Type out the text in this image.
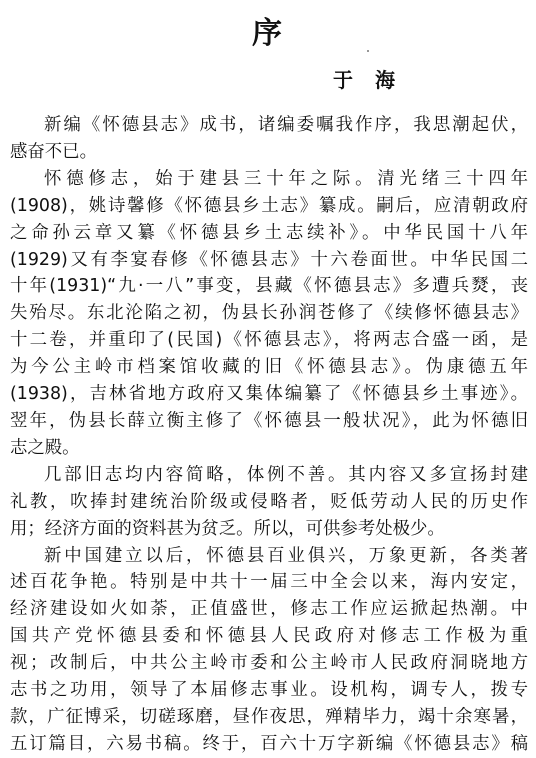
序
于 海
新编《怀德县志》成书，诸编委嘱我作序，我思潮起伏，
感奋不已。
怀德修志，始于建县三十年之际。清光绪三十四年
(1908)，姚诗馨修《怀德县乡土志》纂成。嗣后，应清朝政府
之命孙云章又纂《怀德县乡土志续补》。中华民国十八年
(1929)又有李宴春修《怀德县志》十六卷面世。中华民国二
十年(1931)“九·一八”事变，县藏《怀德县志》多遭兵燹，丧
失殆尽。东北沦陷之初，伪县长孙润苍修了《续修怀德县志》
十二卷，并重印了(民国)《怀德县志》，将两志合盛一函，是
为今公主岭市档案馆收藏的旧《怀德县志》。伪康德五年
(1938)，吉林省地方政府又集体编纂了《怀德县乡土事迹》。
翌年，伪县长薛立衡主修了《怀德县一般状况》，此为怀德旧
志之殿。
几部旧志均内容简略，体例不善。其内容又多宣扬封建
礼教，吹捧封建统治阶级或侵略者，贬低劳动人民的历史作
用；经济方面的资料甚为贫乏。所以，可供参考处极少。
新中国建立以后，怀德县百业俱兴，万象更新，各类著
述百花争艳。特别是中共十一届三中全会以来，海内安定，
经济建设如火如荼，正值盛世，修志工作应运掀起热潮。中
国共产党怀德县委和怀德县人民政府对修志工作极为重
视；改制后，中共公主岭市委和公主岭市人民政府洞晓地方
志书之功用，领导了本届修志事业。设机构，调专人，拨专
款，广征博采，切磋琢磨，昼作夜思，殚精毕力，竭十余寒暑，
五订篇目，六易书稿。终于，百六十万字新编《怀德县志》稿
